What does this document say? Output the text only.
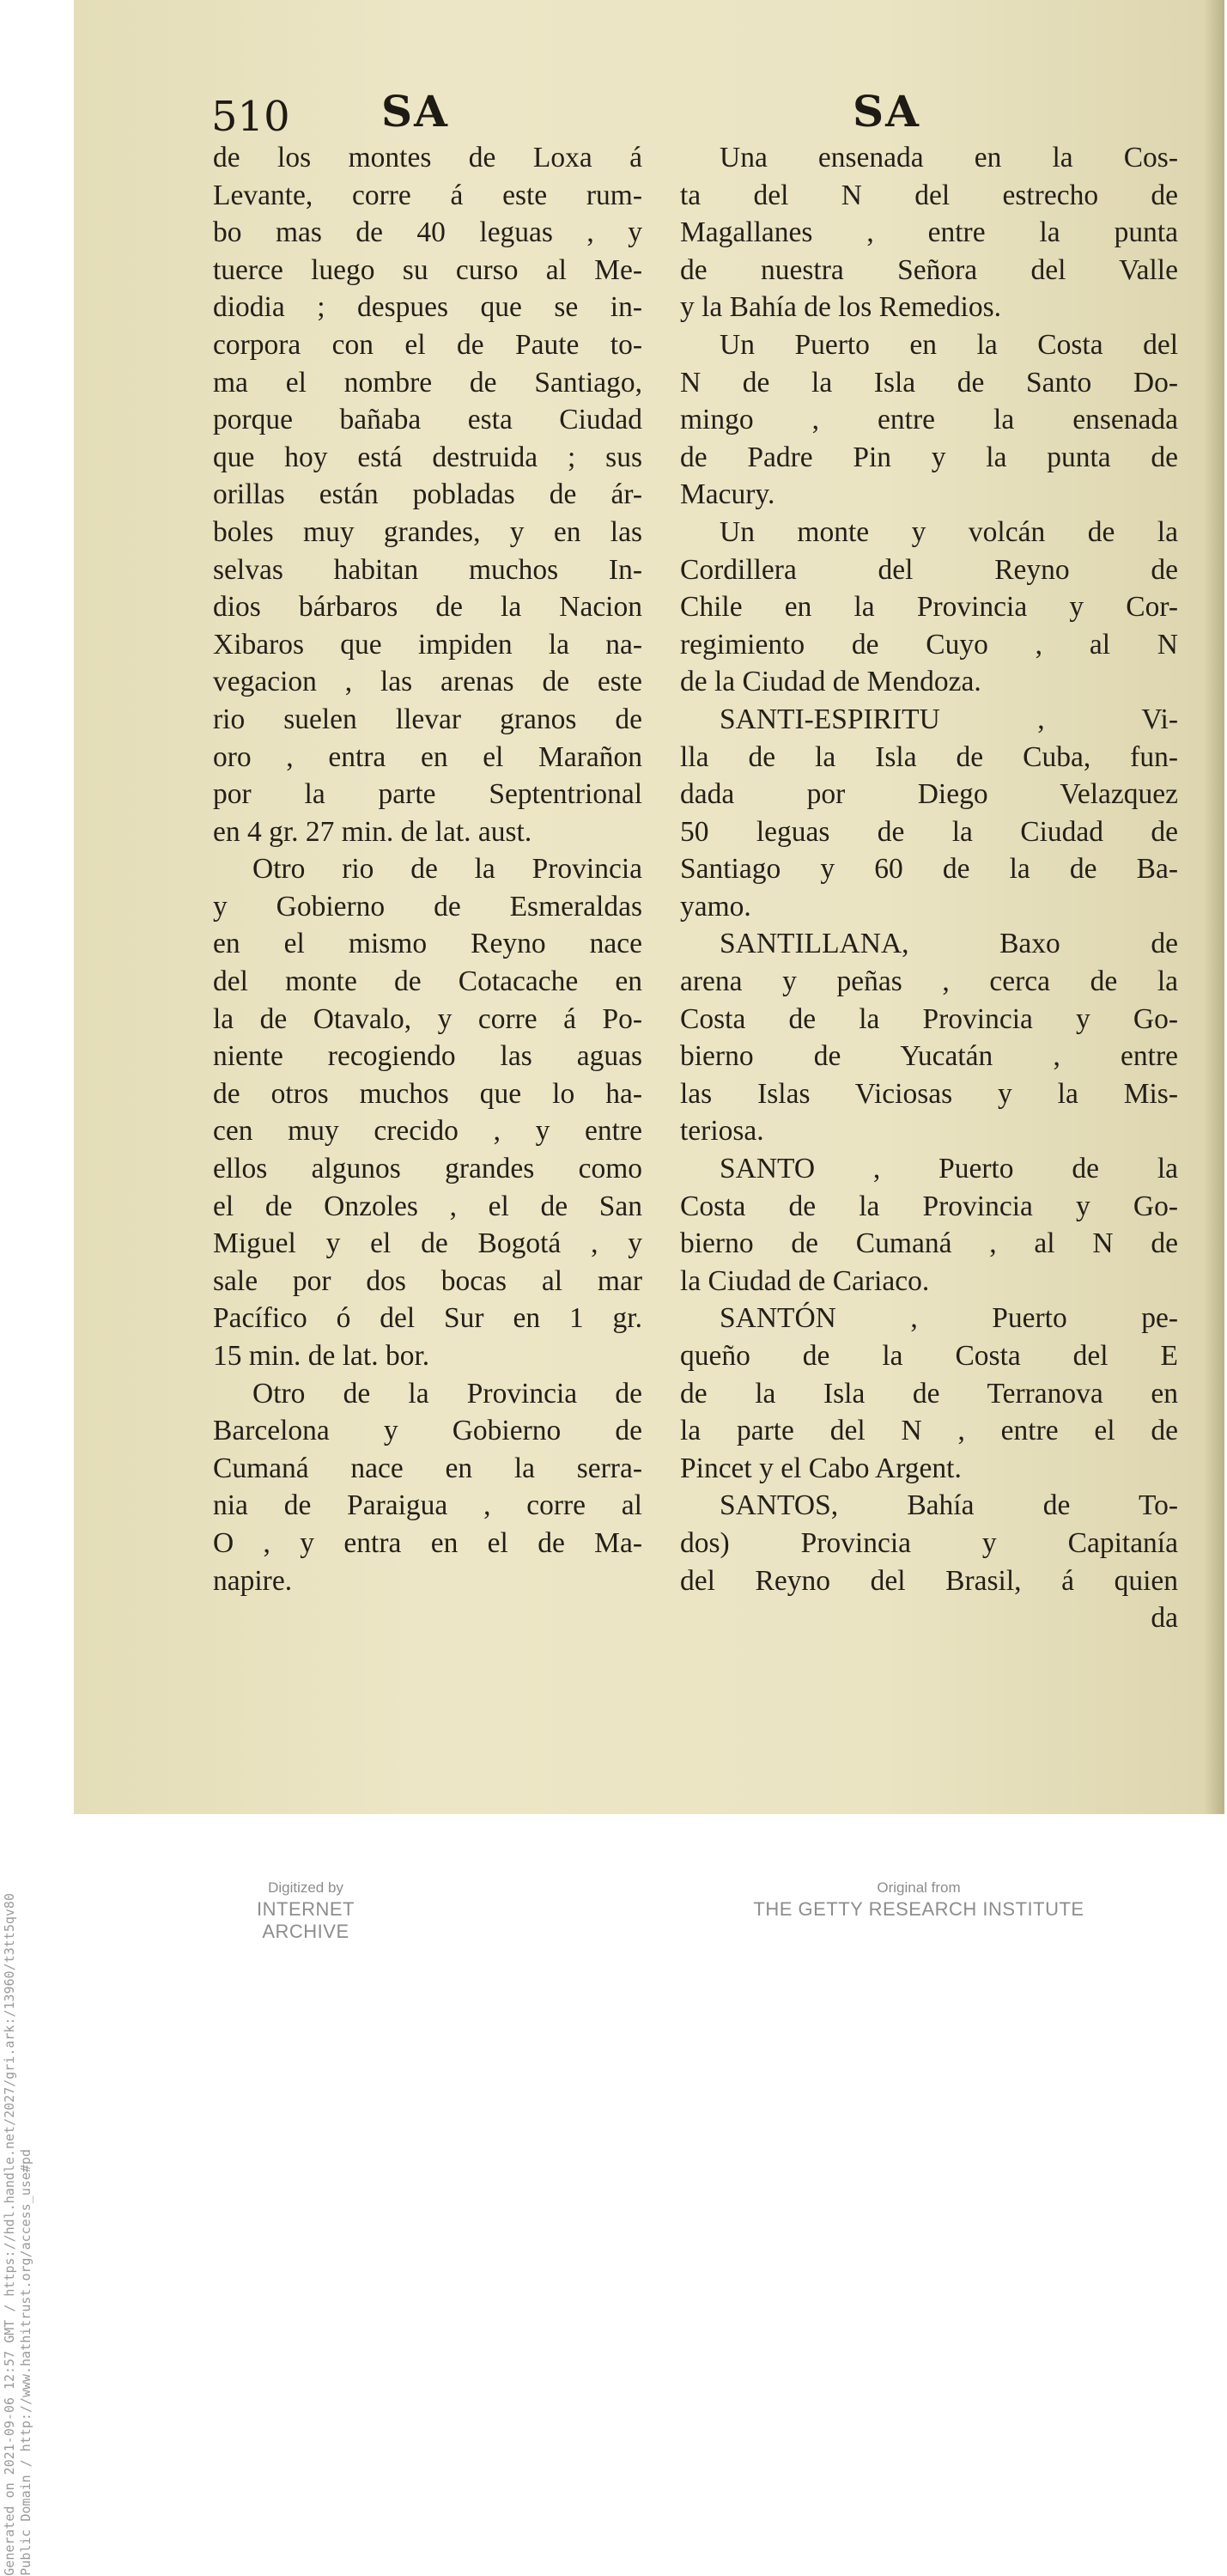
510 SA	SA
de los montes de Loxa á
Levante, corre á este rum-
bo mas de 40 leguas , y
tuerce luego su curso al Me-
diodia ; despues que se in-
corpora con el de Paute to-
ma el nombre de Santiago,
porque bañaba esta Ciudad
que hoy está destruida ; sus
orillas están pobladas de ár-
boles muy grandes, y en las
selvas habitan muchos In-
dios bárbaros de la Nacion
Xibaros que impiden la na-
vegacion , las arenas de este
rio suelen llevar granos de
oro , entra en el Marañon
por la parte Septentrional
en 4 gr. 27 min. de lat. aust.
Otro rio de la Provincia
y Gobierno de Esmeraldas
en el mismo Reyno nace
del monte de Cotacache en
la de Otavalo, y corre á Po-
niente recogiendo las aguas
de otros muchos que lo ha-
cen muy crecido , y entre
ellos algunos grandes como
el de Onzoles , el de San
Miguel y el de Bogotá , y
sale por dos bocas al mar
Pacífico ó del Sur en 1 gr.
15 min. de lat. bor.
Otro de la Provincia de
Barcelona y Gobierno de
Cumaná nace en la serra-
nia de Paraigua , corre al
O , y entra en el de Ma-
napire.
Una ensenada en la Cos-
ta del N del estrecho de
Magallanes , entre la punta
de nuestra Señora del Valle
y la Bahía de los Remedios.
Un Puerto en la Costa del
N de la Isla de Santo Do-
mingo , entre la ensenada
de Padre Pin y la punta de
Macury.
Un monte y volcán de la
Cordillera del Reyno de
Chile en la Provincia y Cor-
regimiento de Cuyo , al N
de la Ciudad de Mendoza.
SANTI-ESPIRITU , Vi-
lla de la Isla de Cuba, fun-
dada por Diego Velazquez
50 leguas de la Ciudad de
Santiago y 60 de la de Ba-
yamo.
SANTILLANA, Baxo de
arena y peñas , cerca de la
Costa de la Provincia y Go-
bierno de Yucatán , entre
las Islas Viciosas y la Mis-
teriosa.
SANTO , Puerto de la
Costa de la Provincia y Go-
bierno de Cumaná , al N de
la Ciudad de Cariaco.
SANTÓN , Puerto pe-
queño de la Costa del E
de la Isla de Terranova en
la parte del N , entre el de
Pincet y el Cabo Argent.
SANTOS, Bahía de To-
dos) Provincia y Capitanía
del Reyno del Brasil, á quien
da
Generated on 2021-09-06 12:57 GMT / https://hdl.handle.net/2027/gri.ark:/13960/t3tt5qv80 Public Domain / http://www.hathitrust.org/access_use#pd
Digitized by
INTERNET ARCHIVE
Original from
THE GETTY RESEARCH INSTITUTE
